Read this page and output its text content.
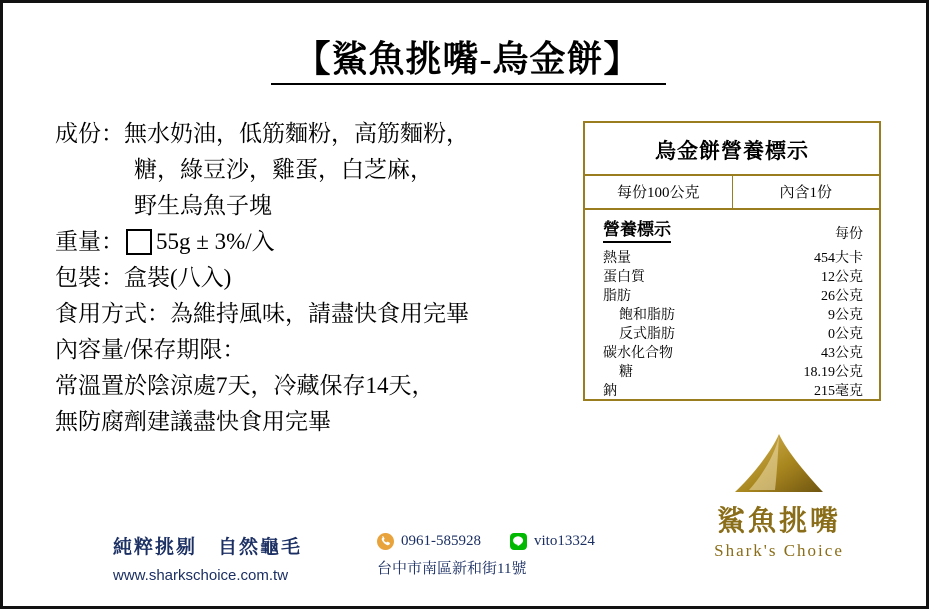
【鯊魚挑嘴-烏金餅】
成份：無水奶油，低筋麵粉，高筋麵粉，
糖，綠豆沙，雞蛋，白芝麻，
野生烏魚子塊
重量： 55g ± 3%/入
包裝：盒裝(八入)
食用方式：為維持風味，請盡快食用完畢
內容量/保存期限：
常溫置於陰涼處7天，冷藏保存14天，
無防腐劑建議盡快食用完畢
烏金餅營養標示
每份100公克	內含1份
營養標示	每份
熱量	454大卡
蛋白質	12公克
脂肪	26公克
飽和脂肪	9公克
反式脂肪	0公克
碳水化合物	43公克
糖	18.19公克
鈉	215毫克
鯊魚挑嘴
Shark's Choice
純粹挑剔　自然龜毛
www.sharkschoice.com.tw
0961-585928	vito13324
台中市南區新和街11號
